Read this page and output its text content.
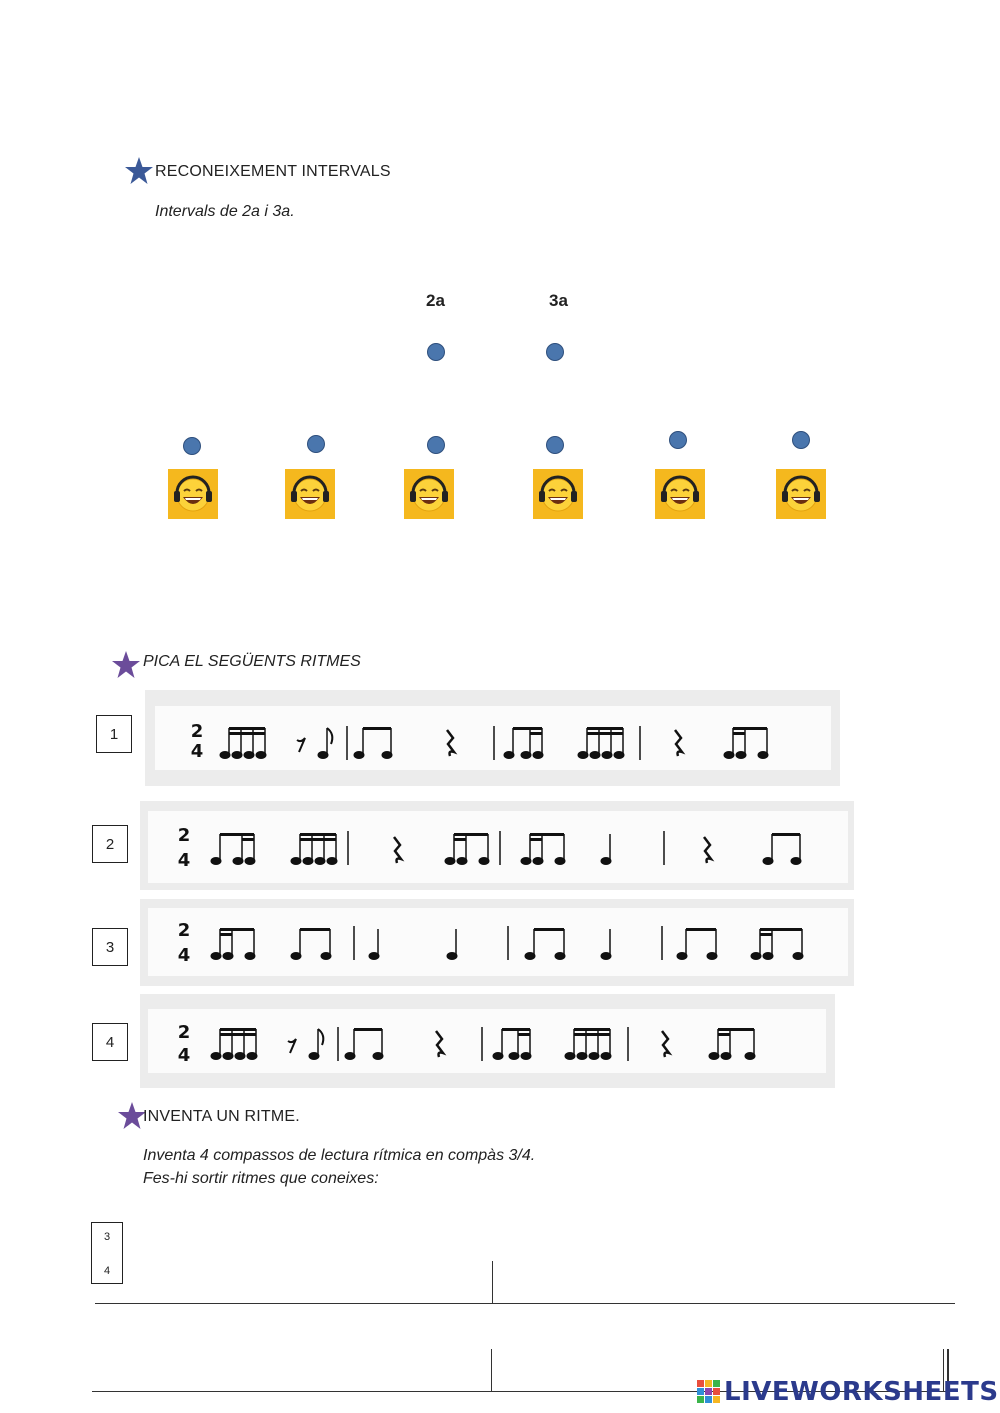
RECONEIXEMENT INTERVALS
Intervals de 2a i 3a.
2a	3a
PICA EL SEGÜENTS RITMES
1	2
4
2	2
4
3
2
4
4	2
4
INVENTA UN RITME.
Inventa 4 compassos de lectura rítmica en compàs 3/4.
Fes-hi sortir ritmes que coneixes:
3
4
LIVEWORKSHEETS
